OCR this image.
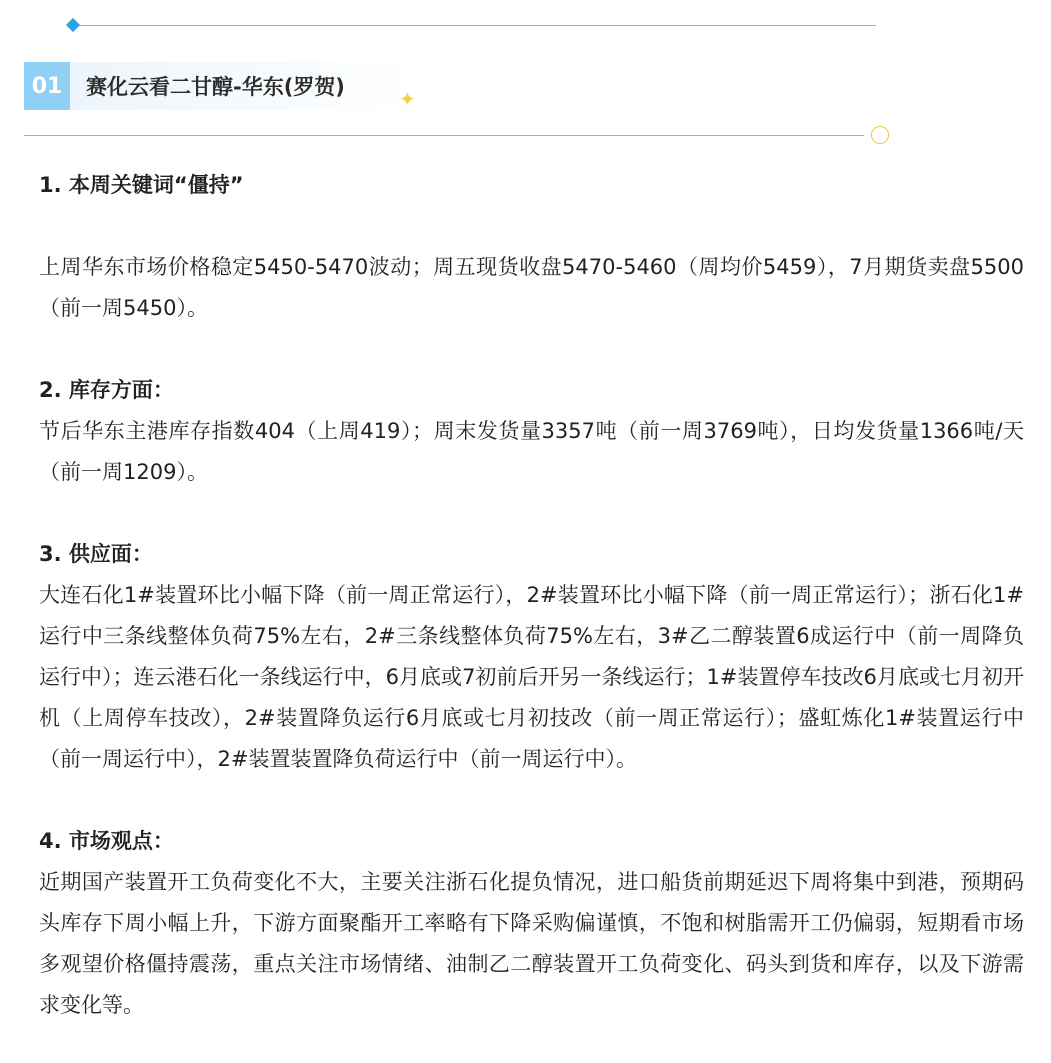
01	赛化云看二甘醇-华东(罗贺)	✦

1. 本周关键词“僵持”

上周华东市场价格稳定5450-5470波动；周五现货收盘5470-5460（周均价5459），7月期货卖盘5500（前一周5450）。

2. 库存方面：

节后华东主港库存指数404（上周419）；周末发货量3357吨（前一周3769吨），日均发货量1366吨/天（前一周1209）。

3. 供应面：

大连石化1#装置环比小幅下降（前一周正常运行），2#装置环比小幅下降（前一周正常运行）；浙石化1#运行中三条线整体负荷75%左右，2#三条线整体负荷75%左右，3#乙二醇装置6成运行中（前一周降负运行中）；连云港石化一条线运行中，6月底或7初前后开另一条线运行；1#装置停车技改6月底或七月初开机（上周停车技改），2#装置降负运行6月底或七月初技改（前一周正常运行）；盛虹炼化1#装置运行中（前一周运行中），2#装置装置降负荷运行中（前一周运行中）。

4. 市场观点：

近期国产装置开工负荷变化不大，主要关注浙石化提负情况，进口船货前期延迟下周将集中到港，预期码头库存下周小幅上升，下游方面聚酯开工率略有下降采购偏谨慎，不饱和树脂需开工仍偏弱，短期看市场多观望价格僵持震荡，重点关注市场情绪、油制乙二醇装置开工负荷变化、码头到货和库存，以及下游需求变化等。
